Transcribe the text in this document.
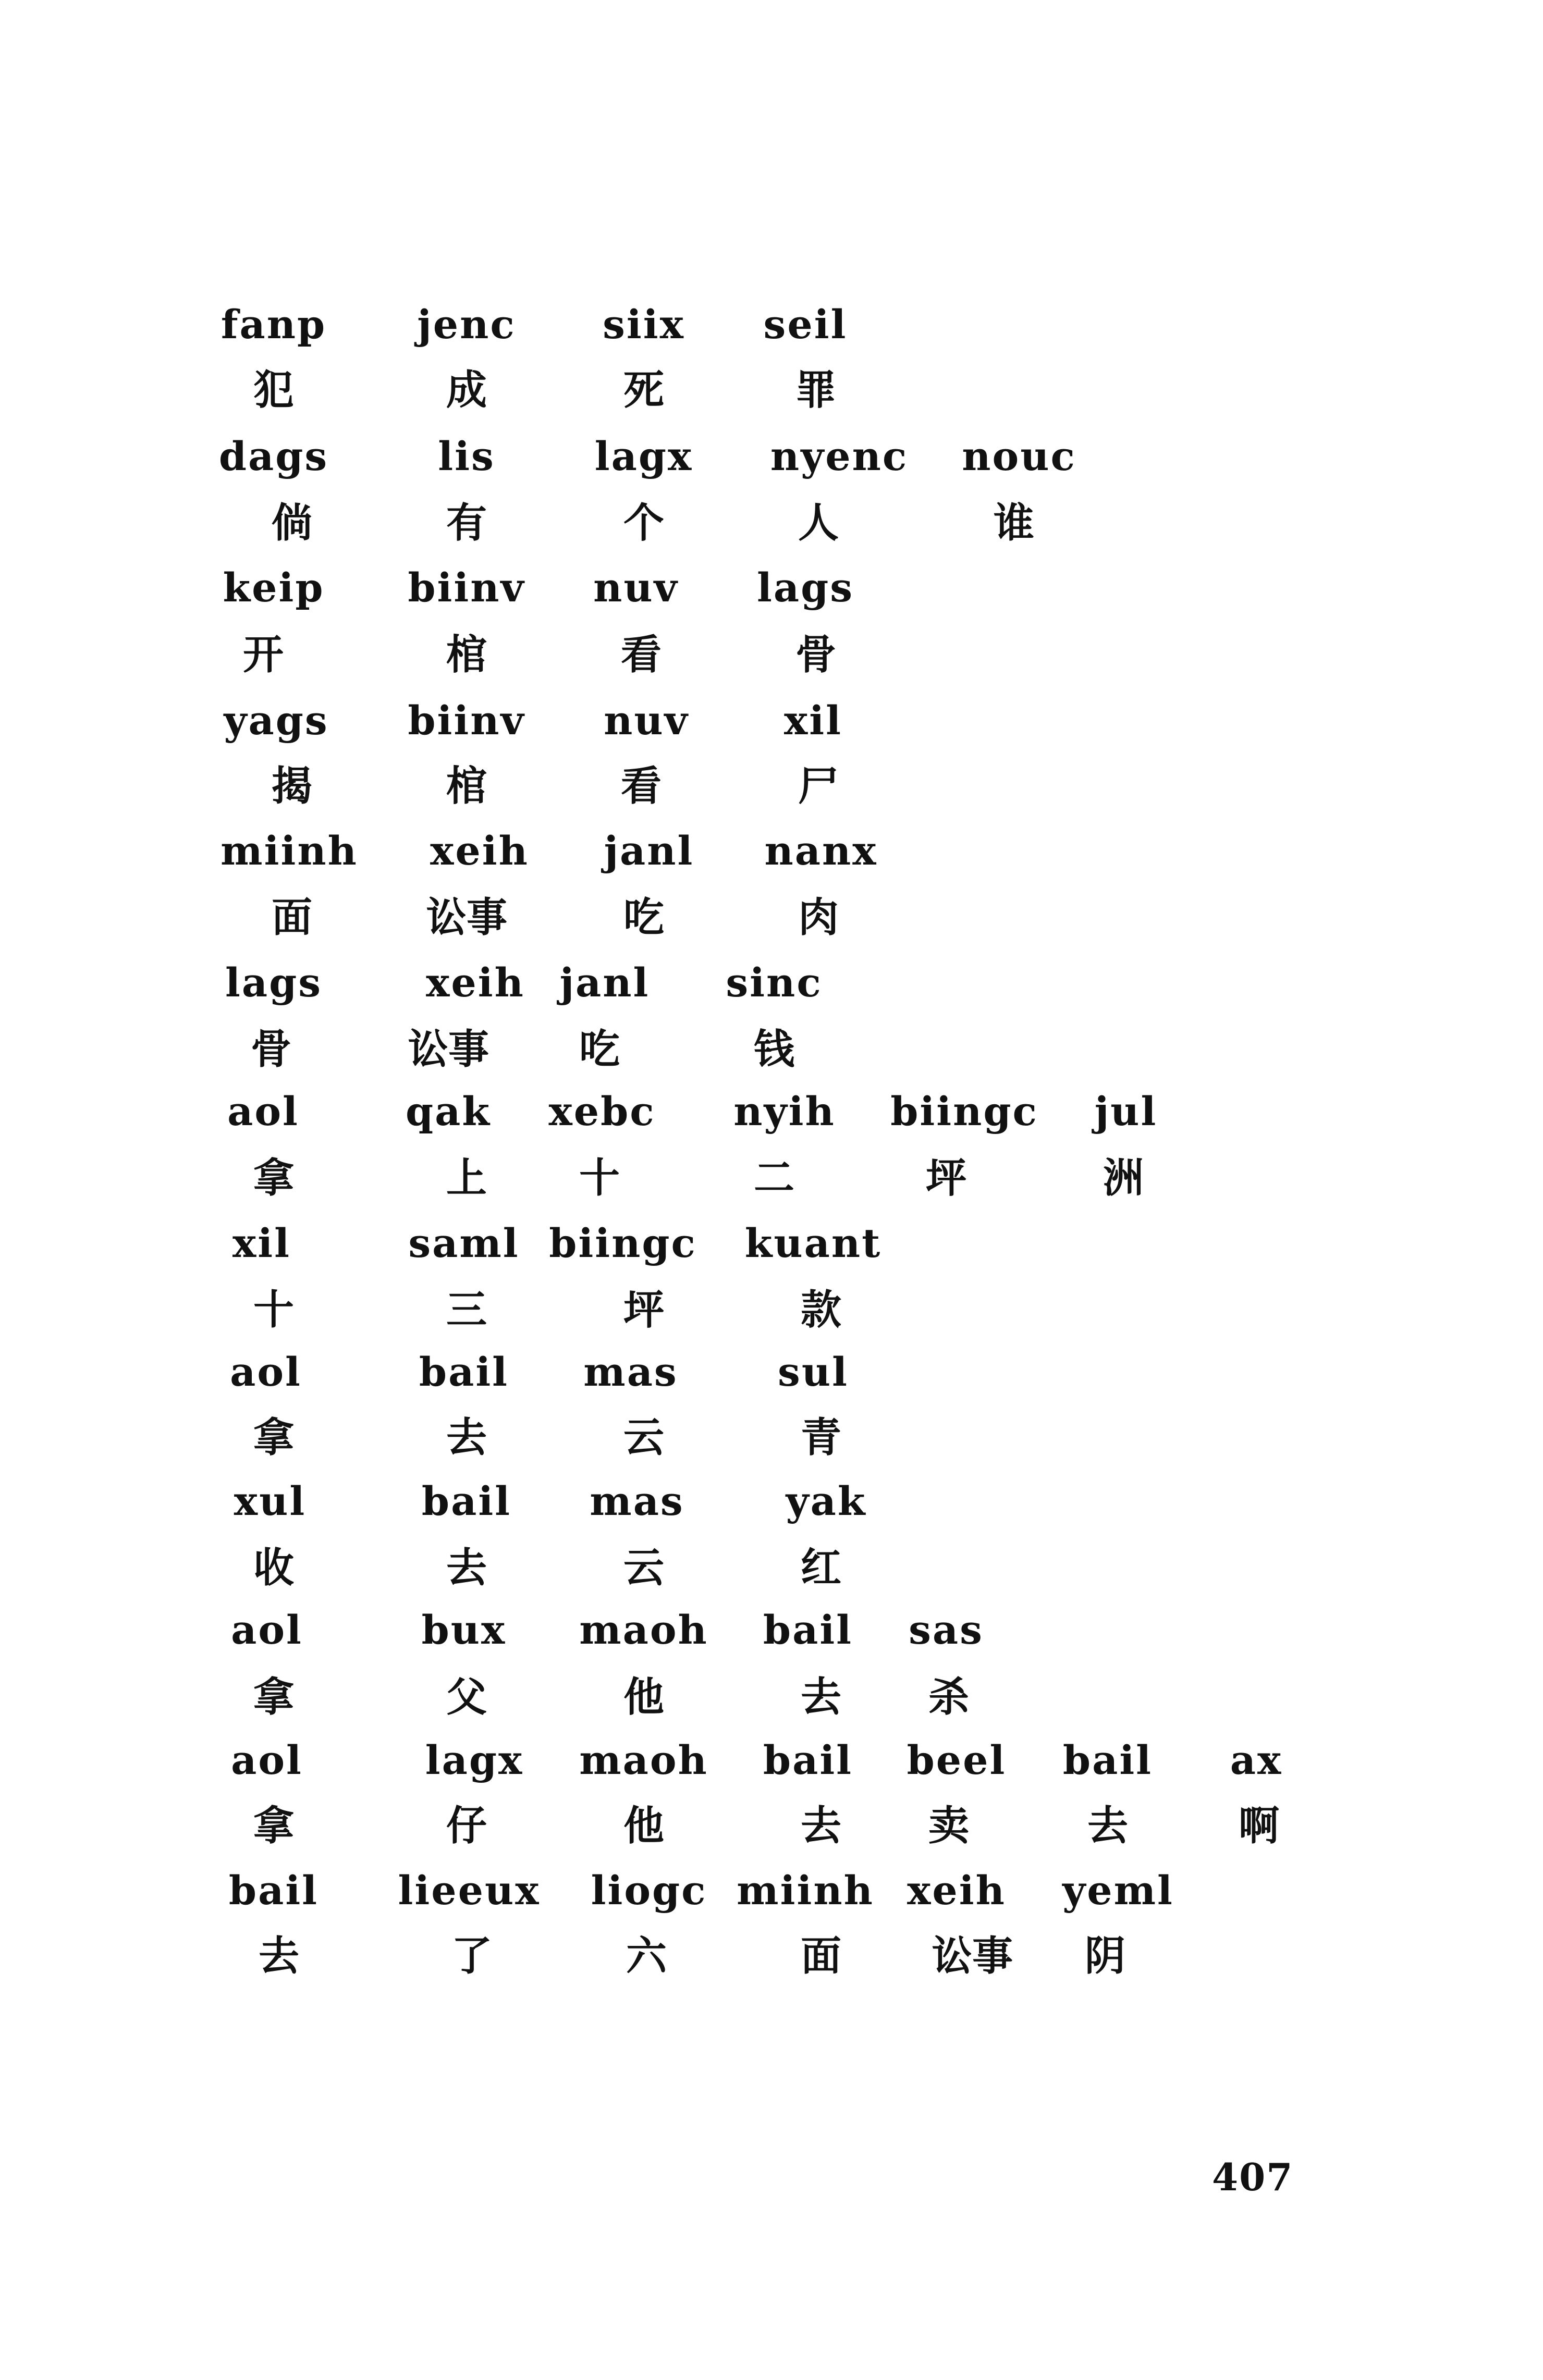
fanp jenc siix seil
犯	成	死	罪
dags	lis	lagx nyenc nouc
倘	有	个	人	谁
keip biinv nuv lags
开	棺	看	骨
yags biinv nuv xil
揭	棺	看	尸
miinh xeih janl nanx
面	讼事	吃	肉
lags	xeih janl sinc
骨	讼事 吃	钱
aol	qak xebc nyih biingc jul
拿	上 十	二	坪	洲
xil	saml biingc kuant
十	三	坪	款
aol	bail mas	sul
拿	去	云	青
xul	bail mas	yak
收	去	云	红
aol	bux maoh bail sas
拿	父	他	去 杀
aol	lagx maoh bail beel bail ax
拿	仔	他	去 卖	去	啊
bail lieeux liogc miinh xeih yeml
去	了	六	面 讼事 阴
407
